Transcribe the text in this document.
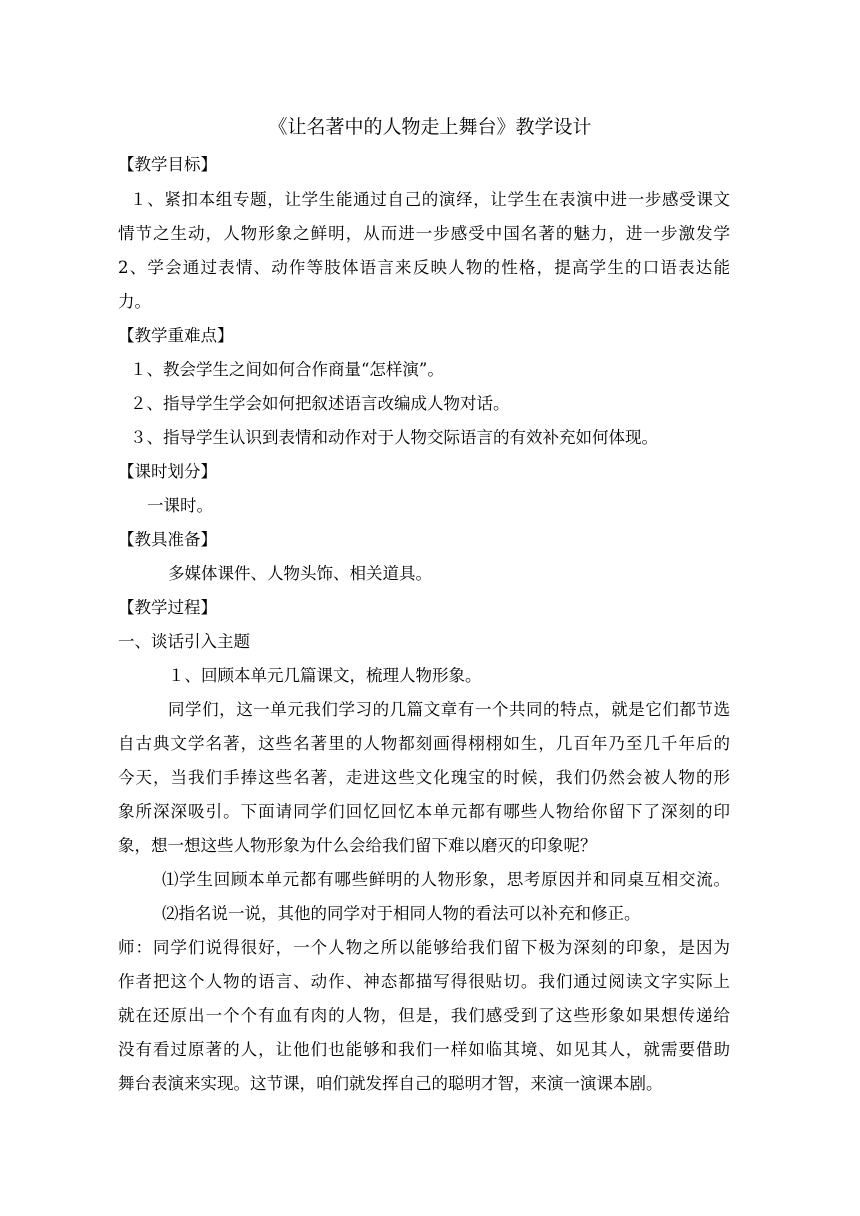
《让名著中的人物走上舞台》教学设计
【教学目标】
１、紧扣本组专题，让学生能通过自己的演绎，让学生在表演中进一步感受课文
情节之生动，人物形象之鲜明，从而进一步感受中国名著的魅力，进一步激发学
2、学会通过表情、动作等肢体语言来反映人物的性格，提高学生的口语表达能
力。
【教学重难点】
１、教会学生之间如何合作商量“怎样演”。
２、指导学生学会如何把叙述语言改编成人物对话。
３、指导学生认识到表情和动作对于人物交际语言的有效补充如何体现。
【课时划分】
一课时。
【教具准备】
多媒体课件、人物头饰、相关道具。
【教学过程】
一、谈话引入主题
１、回顾本单元几篇课文，梳理人物形象。
同学们，这一单元我们学习的几篇文章有一个共同的特点，就是它们都节选
自古典文学名著，这些名著里的人物都刻画得栩栩如生，几百年乃至几千年后的
今天，当我们手捧这些名著，走进这些文化瑰宝的时候，我们仍然会被人物的形
象所深深吸引。下面请同学们回忆回忆本单元都有哪些人物给你留下了深刻的印
象，想一想这些人物形象为什么会给我们留下难以磨灭的印象呢？
⑴学生回顾本单元都有哪些鲜明的人物形象，思考原因并和同桌互相交流。
⑵指名说一说，其他的同学对于相同人物的看法可以补充和修正。
师：同学们说得很好，一个人物之所以能够给我们留下极为深刻的印象，是因为
作者把这个人物的语言、动作、神态都描写得很贴切。我们通过阅读文字实际上
就在还原出一个个有血有肉的人物，但是，我们感受到了这些形象如果想传递给
没有看过原著的人，让他们也能够和我们一样如临其境、如见其人，就需要借助
舞台表演来实现。这节课，咱们就发挥自己的聪明才智，来演一演课本剧。
